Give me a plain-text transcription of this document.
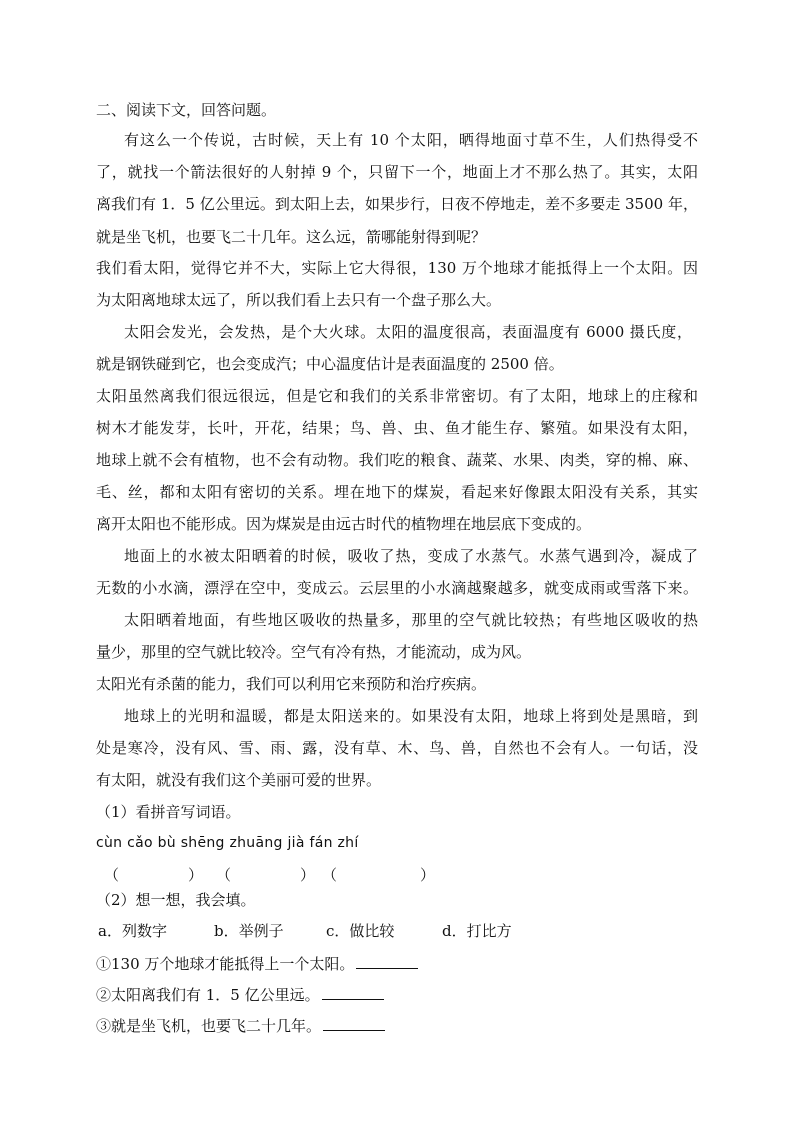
二、阅读下文，回答问题。
有这么一个传说，古时候，天上有 10 个太阳，晒得地面寸草不生，人们热得受不
了，就找一个箭法很好的人射掉 9 个，只留下一个，地面上才不那么热了。其实，太阳
离我们有 1．5 亿公里远。到太阳上去，如果步行，日夜不停地走，差不多要走 3500 年，
就是坐飞机，也要飞二十几年。这么远，箭哪能射得到呢？
我们看太阳，觉得它并不大，实际上它大得很，130 万个地球才能抵得上一个太阳。因
为太阳离地球太远了，所以我们看上去只有一个盘子那么大。
太阳会发光，会发热，是个大火球。太阳的温度很高，表面温度有 6000 摄氏度，
就是钢铁碰到它，也会变成汽；中心温度估计是表面温度的 2500 倍。
太阳虽然离我们很远很远，但是它和我们的关系非常密切。有了太阳，地球上的庄稼和
树木才能发芽，长叶，开花，结果；鸟、兽、虫、鱼才能生存、繁殖。如果没有太阳，
地球上就不会有植物，也不会有动物。我们吃的粮食、蔬菜、水果、肉类，穿的棉、麻、
毛、丝，都和太阳有密切的关系。埋在地下的煤炭，看起来好像跟太阳没有关系，其实
离开太阳也不能形成。因为煤炭是由远古时代的植物埋在地层底下变成的。
地面上的水被太阳晒着的时候，吸收了热，变成了水蒸气。水蒸气遇到冷，凝成了
无数的小水滴，漂浮在空中，变成云。云层里的小水滴越聚越多，就变成雨或雪落下来。
太阳晒着地面，有些地区吸收的热量多，那里的空气就比较热；有些地区吸收的热
量少，那里的空气就比较冷。空气有冷有热，才能流动，成为风。
太阳光有杀菌的能力，我们可以利用它来预防和治疗疾病。
地球上的光明和温暖，都是太阳送来的。如果没有太阳，地球上将到处是黑暗，到
处是寒冷，没有风、雪、雨、露，没有草、木、鸟、兽，自然也不会有人。一句话，没
有太阳，就没有我们这个美丽可爱的世界。
（1）看拼音写词语。
cùn cǎo bù shēng zhuāng jià fán zhí
（	） （	） （	）
（2）想一想，我会填。
a．列数字	b．举例子	c．做比较	d．打比方
①130 万个地球才能抵得上一个太阳。
②太阳离我们有 1．5 亿公里远。
③就是坐飞机，也要飞二十几年。
